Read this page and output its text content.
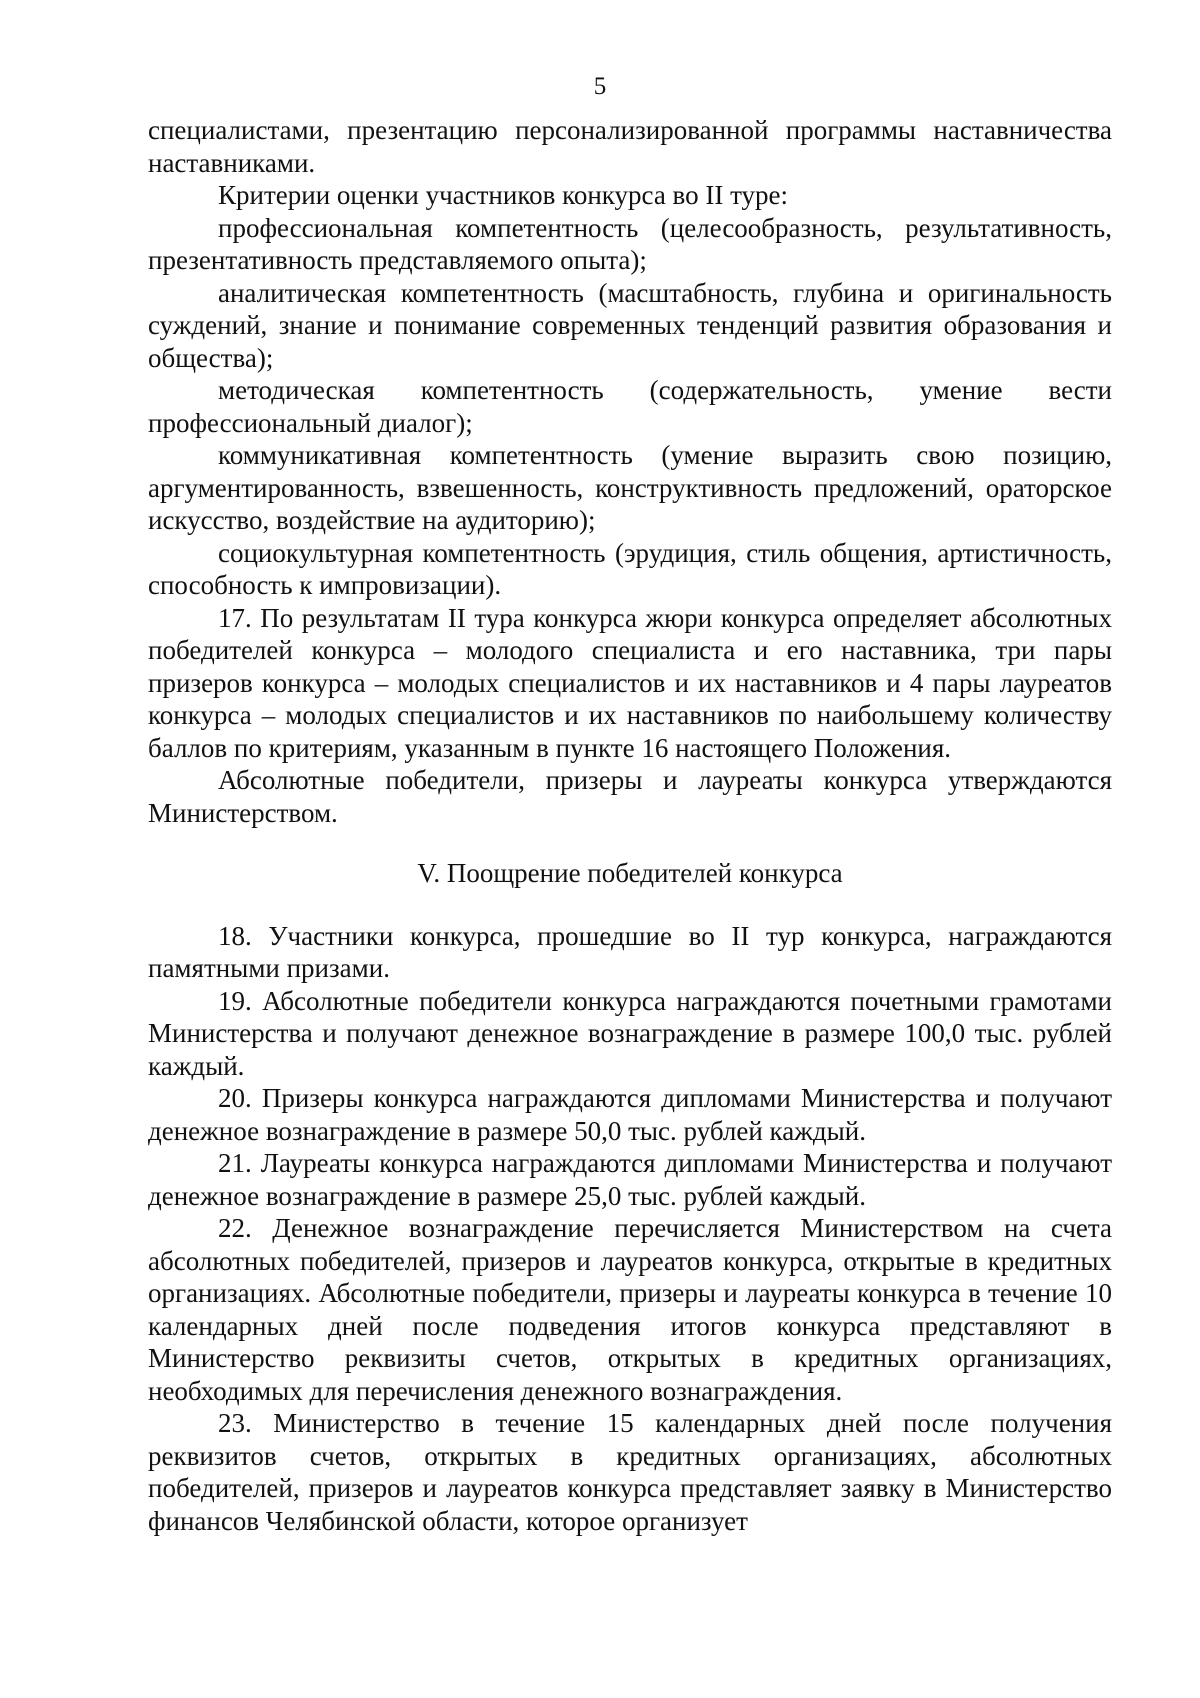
5

специалистами, презентацию персонализированной программы наставничества наставниками.

Критерии оценки участников конкурса во II туре:

профессиональная компетентность (целесообразность, результативность, презентативность представляемого опыта);

аналитическая компетентность (масштабность, глубина и оригинальность суждений, знание и понимание современных тенденций развития образования и общества);

методическая компетентность (содержательность, умение вести профессиональный диалог);

коммуникативная компетентность (умение выразить свою позицию, аргументированность, взвешенность, конструктивность предложений, ораторское искусство, воздействие на аудиторию);

социокультурная компетентность (эрудиция, стиль общения, артистичность, способность к импровизации).

17. По результатам II тура конкурса жюри конкурса определяет абсолютных победителей конкурса – молодого специалиста и его наставника, три пары призеров конкурса – молодых специалистов и их наставников и 4 пары лауреатов конкурса – молодых специалистов и их наставников по наибольшему количеству баллов по критериям, указанным в пункте 16 настоящего Положения.

Абсолютные победители, призеры и лауреаты конкурса утверждаются Министерством.

V. Поощрение победителей конкурса

18. Участники конкурса, прошедшие во II тур конкурса, награждаются памятными призами.

19. Абсолютные победители конкурса награждаются почетными грамотами Министерства и получают денежное вознаграждение в размере 100,0 тыс. рублей каждый.

20. Призеры конкурса награждаются дипломами Министерства и получают денежное вознаграждение в размере 50,0 тыс. рублей каждый.

21. Лауреаты конкурса награждаются дипломами Министерства и получают денежное вознаграждение в размере 25,0 тыс. рублей каждый.

22. Денежное вознаграждение перечисляется Министерством на счета абсолютных победителей, призеров и лауреатов конкурса, открытые в кредитных организациях. Абсолютные победители, призеры и лауреаты конкурса в течение 10 календарных дней после подведения итогов конкурса представляют в Министерство реквизиты счетов, открытых в кредитных организациях, необходимых для перечисления денежного вознаграждения.

23. Министерство в течение 15 календарных дней после получения реквизитов счетов, открытых в кредитных организациях, абсолютных победителей, призеров и лауреатов конкурса представляет заявку в Министерство финансов Челябинской области, которое организует
